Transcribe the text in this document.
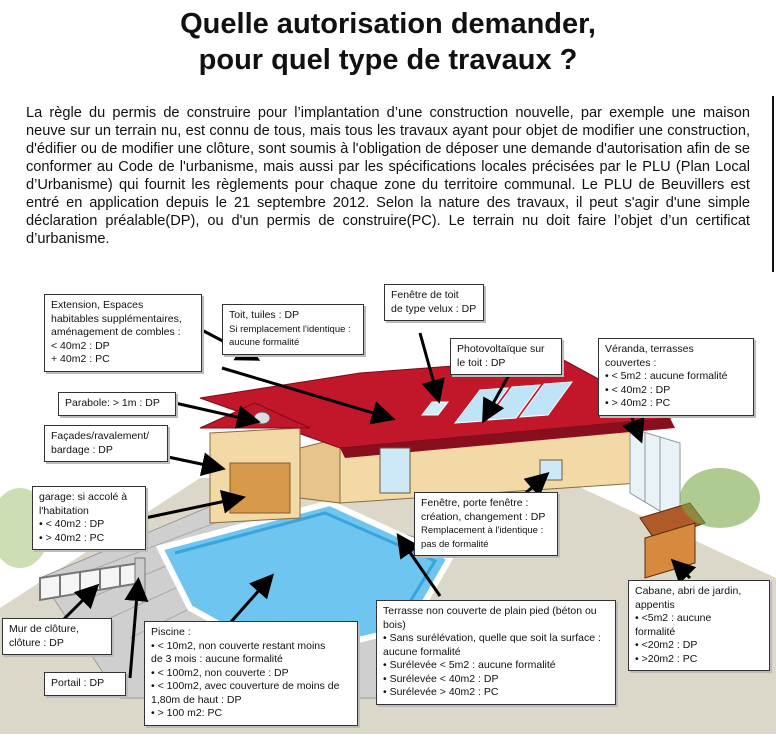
Quelle autorisation demander,
pour quel type de travaux ?
La règle du permis de construire pour l’implantation d’une construction nouvelle, par exemple une maison neuve sur un terrain nu, est connu de tous, mais tous les travaux ayant pour objet de modifier une construction, d'édifier ou de modifier une clôture, sont soumis à l'obligation de déposer une demande d'autorisation afin de se conformer au Code de l'urbanisme, mais aussi par les spécifications locales précisées par le PLU (Plan Local d’Urbanisme) qui fournit les règlements pour chaque zone du territoire communal. Le PLU de Beuvillers est entré en application depuis le 21 septembre 2012. Selon la nature des travaux, il peut s'agir d'une simple déclaration préalable(DP), ou d'un permis de construire(PC). Le terrain nu doit faire l’objet d’un certificat d’urbanisme.
Extension, Espaces
habitables supplémentaires,
aménagement de combles :
< 40m2 : DP
+ 40m2 : PC
Toit, tuiles : DP
Si remplacement l'identique :
aucune formalité
Fenêtre de toit
de type velux : DP
Photovoltaïque sur
le toit : DP
Véranda, terrasses
couvertes :
• < 5m2 : aucune formalité
• < 40m2 : DP
• > 40m2 : PC
Parabole: > 1m : DP
Façades/ravalement/
bardage : DP
garage: si accolé à
l'habitation
• < 40m2 : DP
• > 40m2 : PC
Fenêtre, porte fenêtre :
création, changement : DP
Remplacement à l'identique :
pas de formalité
Cabane, abri de jardin,
appentis
• <5m2 : aucune
formalité
• <20m2 : DP
• >20m2 : PC
Terrasse non couverte de plain pied (béton ou
bois)
• Sans surélévation, quelle que soit la surface :
aucune formalité
• Surélevée < 5m2 : aucune formalité
• Surélevée < 40m2 : DP
• Surélevée > 40m2 : PC
Mur de clôture,
clôture : DP
Piscine :
• < 10m2, non couverte restant moins
de 3 mois : aucune formalité
• < 100m2, non couverte : DP
• < 100m2, avec couverture de moins de
1,80m de haut : DP
• > 100 m2: PC
Portail : DP
